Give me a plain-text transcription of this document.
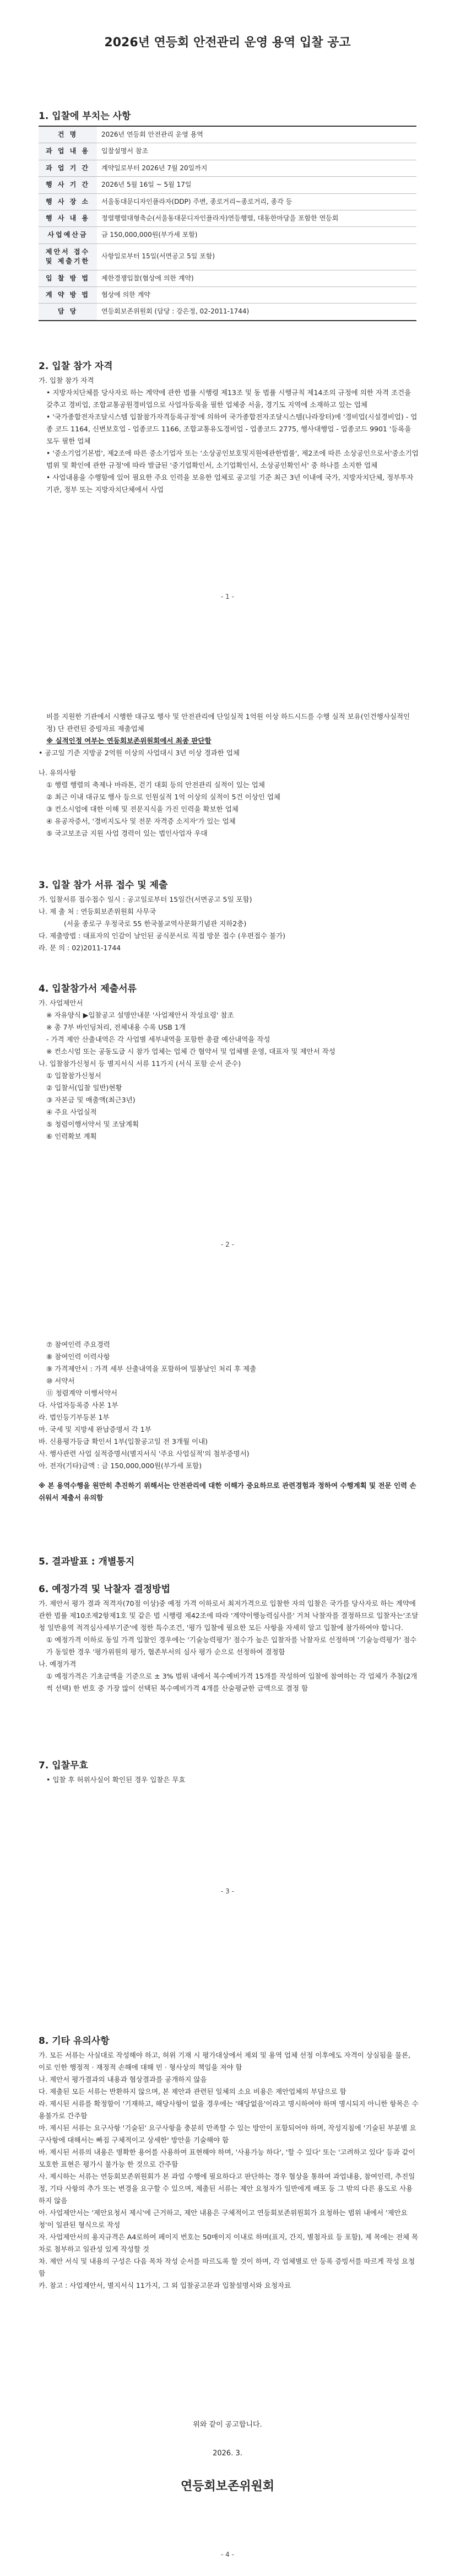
2026년 연등회 안전관리 운영 용역 입찰 공고
1. 입찰에 부치는 사항
건 명	2026년 연등회 안전관리 운영 용역
과 업 내 용	입찰설명서 참조
과 업 기 간	계약일로부터 2026년 7월 20일까지
행 사 기 간	2026년 5월 16일 ~ 5월 17일
행 사 장 소	서울동대문디자인플라자(DDP) 주변, 종로거리~종로거리, 종각 등
행 사 내 용	정렬행렬대형축순(서울동대문디자인플라자)연등행렬, 대동한마당을 포함한 연등회
사업예산금	금 150,000,000원(부가세 포함)
제안서 접수 및 제출기한	사항일로부터 15일(서면공고 5일 포함)
입 찰 방 법	제한경쟁입찰(협상에 의한 계약)
계 약 방 법	협상에 의한 계약
담 당	연등회보존위원회 (담당 : 강은정, 02-2011-1744)
2. 입찰 참가 자격

가. 입찰 참가 자격

• 지방자치단체를 당사자로 하는 계약에 관한 법률 시행령 제13조 및 동 법률 시행규칙 제14조의 규정에 의한 자격 조건을 갖추고 경비업, 조합교통공원경비업으로 사업자등록을 필한 업체중 서울, 경기도 지역에 소재하고 있는 업체

• '국가종합전자조달시스템 입찰참가자격등록규정'에 의하여 국가종합전자조달시스템(나라장터)에 '경비업(시설경비업) - 업종 코드 1164, 신변보호업 - 업종코드 1166, 조합교통유도경비업 - 업종코드 2775, 행사대행업 - 업종코드 9901 '등록을 모두 필한 업체

• '중소기업기본법', 제2조에 따른 중소기업자 또는 '소상공인보호및지원에관한법률', 제2조에 따른 소상공인으로서'중소기업 범위 및 확인에 관한 규정'에 따라 발급된 '중기업확인서, 소기업확인서, 소상공인확인서' 중 하나를 소지한 업체

• 사업내용을 수행함에 있어 필요한 주요 인력을 보유한 업체로 공고일 기준 최근 3년 이내에 국가, 지방자치단체, 정부투자기관, 정부 또는 지방자치단체에서 사업

- 1 -

비를 지원한 기관에서 시행한 대규모 행사 및 안전관리에 단일실적 1억원 이상 하드시드를 수행 실적 보유(인건행사실적인정) 단 관련된 증빙자료 제출업체

※ 실적인정 여부는 연등회보존위원회에서 최종 판단함

• 공고일 기준 지방공 2억원 이상의 사업대시 3년 이상 경과한 업체

나. 유의사항

① 행렬 행렬의 축제나 마라톤, 걷기 대회 등의 안전관리 실적이 있는 업체

② 최근 이내 대규모 행사 등으로 인원실적 1억 이상의 실적이 5건 이상인 업체

③ 컨소시엄에 대한 이해 및 전문지식을 가진 인력을 확보한 업체

④ 유공자증서, '경비지도사 및 전문 자격증 소지자'가 있는 업체

⑤ 국고보조금 지원 사업 경력이 있는 법인사업자 우대

3. 입찰 참가 서류 접수 및 제출

가. 입찰서류 접수접수 일시 : 공고일로부터 15일간(서면공고 5일 포함)

나. 제 출 처 : 연등회보존위원회 사무국

(서울 종로구 우정국로 55 한국불교역사문화기념관 지하2층)

다. 제출방법 : 대표자의 인감이 날인된 공식문서로 직접 방문 접수 (우편접수 불가)

라. 문 의 : 02)2011-1744

4. 입찰참가서 제출서류

가. 사업제안서

※ 자유양식 ▶입찰공고 설명안내문 '사업제안서 작성요령' 참조

※ 총 7부 바인딩처리, 전체내용 수록 USB 1개

- 가격 제안 산출내역은 각 사업별 세부내역을 포함한 총괄 예산내역을 작성

※ 컨소시엄 또는 공동도급 시 참가 업체는 업체 간 협약서 및 업체별 운영, 대표자 및 제안서 작성

나. 입찰참가신청서 등 별지서식 서류 11가지 (서식 포함 순서 준수)

① 입찰참가신청서

② 입찰서(입찰 일반)현황

③ 자본금 및 매출액(최근3년)

④ 주요 사업실적

⑤ 청렴이행서약서 및 조달계획

⑥ 인력확보 계획

- 2 -

⑦ 참여인력 주요경력

⑧ 참여인력 이력사항

⑨ 가격제안서 : 가격 세부 산출내역을 포함하여 밀봉날인 처리 후 제출

⑩ 서약서

⑪ 청렴계약 이행서약서

다. 사업자등록증 사본 1부

라. 법인등기부등본 1부

마. 국세 및 지방세 완납증명서 각 1부

바. 신용평가등급 확인서 1부(입찰공고일 전 3개월 이내)

사. 행사관련 사업 실적증명서(별지서식 '주요 사업실적'의 첨부증명서)

아. 전자(기타)금액 : 금 150,000,000원(부가세 포함)

※ 본 용역수행을 원만히 추진하기 위해서는 안전관리에 대한 이해가 중요하므로 관련경험과 정하여 수행계획 및 전문 인력 손쉬워서 제출서 유의함

5. 결과발표 : 개별통지
6. 예정가격 및 낙찰자 결정방법

가. 제안서 평가 결과 적격자(70점 이상)중 예정 가격 이하로서 최저가격으로 입찰한 자의 입찰은 국가를 당사자로 하는 계약에 관한 법률 제10조제2항제1호 및 같은 법 시행령 제42조에 따라 '계약이행능력심사를' 거쳐 낙찰자를 결정하므로 입찰자는'조달청 일반용역 적격심사세부기준'에 정한 특수조건, '평가 입찰에 필요한 모든 사항을 자세히 알고 입찰에 참가하여야 합니다.

① 예정가격 이하로 동일 가격 입찰인 경우에는 '기술능력평가' 점수가 높은 입찰자를 낙찰자로 선정하며 '기술능력평가' 점수가 동일한 경우 '평가위원의 평가, 협존부서의 심사 평가 순으로 선정하여 결정함

나. 예정가격

① 예정가격은 기초금액을 기준으로 ± 3% 범위 내에서 복수예비가격 15개를 작성하여 입찰에 참여하는 각 업체가 추첨(2개씩 선택) 한 번호 중 가장 많이 선택된 복수예비가격 4개를 산술평균한 금액으로 결정 함

7. 입찰무효

• 입찰 후 허위사실이 확인된 경우 입찰은 무효

- 3 -
8. 기타 유의사항

가. 모든 서류는 사실대로 작성해야 하고, 허위 기재 시 평가대상에서 제외 및 용역 업체 선정 이후에도 자격이 상실됨을 물론, 이로 인한 행정적 · 재정적 손해에 대해 민 · 형사상의 책임을 져야 함

나. 제안서 평가결과의 내용과 협상결과를 공개하지 않음

다. 제출된 모든 서류는 반환하지 않으며, 본 제안과 관련된 일체의 소요 비용은 제안업체의 부담으로 함

라. 제시된 서류를 확정함이 '기재하고, 해당사항이 없을 경우에는 '해당없음'이라고 명시하여야 하며 명시되지 아니한 항목은 수용불가로 간주함

마. 제시된 서류는 요구사항 '기술된' 요구사항을 충분히 만족할 수 있는 방안이 포함되어야 하며, 작성지침에 '기술된 부분별 요구사항에 대해서는 빠짐 구체적이고 상세한' 방안을 기술해야 함

바. 제시된 서류의 내용은 명확한 용어를 사용하여 표현해야 하며, '사용가능 하다', '할 수 있다' 또는 '고려하고 있다' 등과 같이 모호한 표현은 평가시 불가능 한 것으로 간주함

사. 제시하는 서류는 연등회보존위원회가 본 과업 수행에 필요하다고 판단하는 경우 협상을 통하여 과업내용, 참여인력, 추진일정, 기타 사항의 추가 또는 변경을 요구할 수 있으며, 제출된 서류는 제안 요청자가 일반에게 배포 등 그 밖의 다른 용도로 사용하지 않음

아. 사업제안서는 '제안요청서 제시'에 근거하고, 제안 내용은 구체적이고 연등회보존위원회가 요청하는 범위 내에서 '제안요청'이 일관된 형식으로 작성

자. 사업제안서의 용지규격은 A4로하여 페이지 번호는 50매이지 이내로 하며(표지, 간지, 별첨자료 등 포함), 제 목에는 전체 목차로 첨부하고 일관성 있게 작성할 것

차. 제안 서식 및 내용의 구성은 다음 목차 작성 순서를 따르도록 할 것이 하며, 각 업체별로 안 등록 증빙서를 따르게 작성 요청함

카. 참고 : 사업제안서, 별지서식 11가지, 그 외 입찰공고문과 입찰설명서와 요청자료

위와 같이 공고합니다.
2026. 3.
연등회보존위원회
- 4 -
